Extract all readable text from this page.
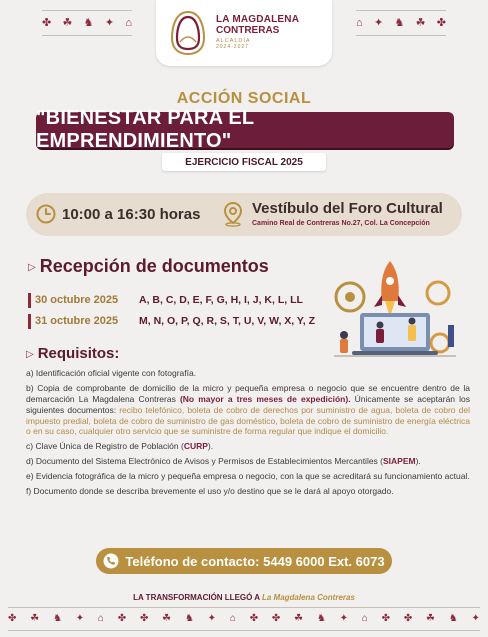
✤ ☘ ♞ ✦ ⌂	⌂ ✦ ♞ ☘ ✤
LA MAGDALENA
CONTRERAS
ALCALDÍA
2024-2027
ACCIÓN SOCIAL
"BIENESTAR PARA EL EMPRENDIMIENTO"
EJERCICIO FISCAL 2025
10:00 a 16:30 horas	Vestíbulo del Foro Cultural
Camino Real de Contreras No.27, Col. La Concepción
▷ Recepción de documentos
30 octubre 2025	A, B, C, D, E, F, G, H, I, J, K, L, LL
31 octubre 2025	M, N, O, P, Q, R, S, T, U, V, W, X, Y, Z
▷ Requisitos:

a) Identificación oficial vigente con fotografía.

b) Copia de comprobante de domicilio de la micro y pequeña empresa o negocio que se encuentre dentro de la demarcación La Magdalena Contreras (No mayor a tres meses de expedición). Únicamente se aceptarán los siguientes documentos: recibo telefónico, boleta de cobro de derechos por suministro de agua, boleta de cobro del impuesto predial, boleta de cobro de suministro de gas doméstico, boleta de cobro de suministro de energía eléctrica o en su caso, cualquier otro servicio que se suministre de forma regular que indique el domicilio.

c) Clave Única de Registro de Población (CURP).

d) Documento del Sistema Electrónico de Avisos y Permisos de Establecimientos Mercantiles (SIAPEM).

e) Evidencia fotográfica de la micro y pequeña empresa o negocio, con la que se acreditará su funcionamiento actual.

f) Documento donde se describa brevemente el uso y/o destino que se le dará al apoyo otorgado.

Teléfono de contacto: 5449 6000 Ext. 6073
LA TRANSFORMACIÓN LLEGÓ A La Magdalena Contreras
✤ ☘ ♞ ✦ ⌂ ✤ ✤ ☘ ♞ ✦ ⌂ ✤ ✤ ☘ ♞ ✦ ⌂ ✤ ✤ ☘ ♞ ✦
